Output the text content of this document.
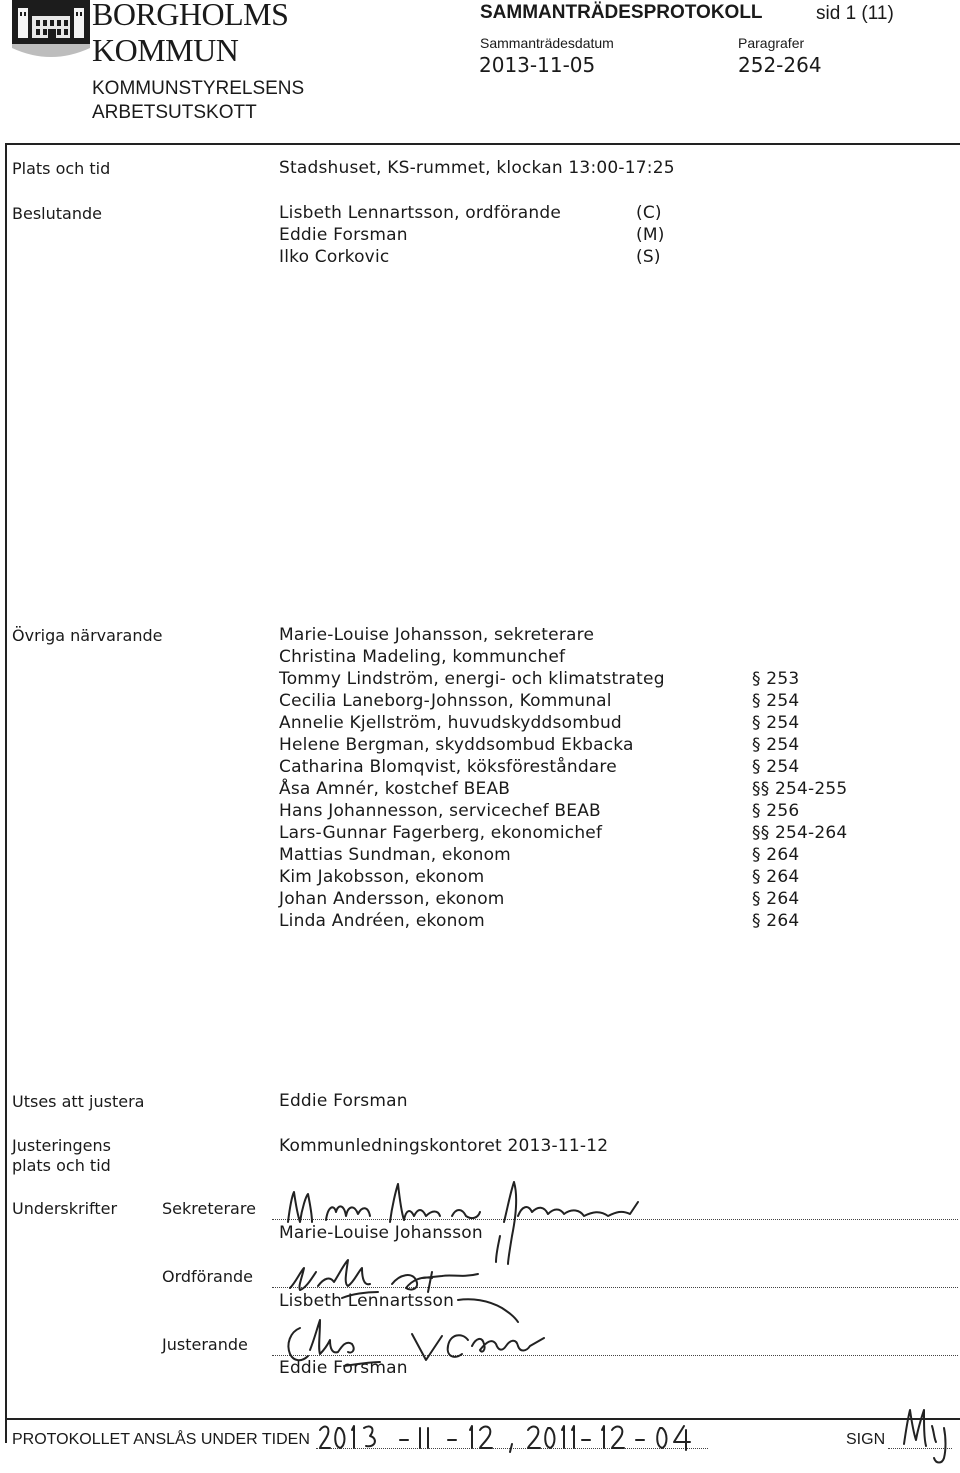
BORGHOLMS
KOMMUN
KOMMUNSTYRELSENS
ARBETSUTSKOTT
SAMMANTRÄDESPROTOKOLL	sid 1 (11)
Sammanträdesdatum
2013-11-05
Paragrafer
252-264
Plats och tid	Stadshuset, KS-rummet, klockan 13:00-17:25
Beslutande	Lisbeth Lennartsson, ordförande	(C)
Eddie Forsman	(M)
Ilko Corkovic	(S)
Övriga närvarande	Marie-Louise Johansson, sekreterare
Christina Madeling, kommunchef
Tommy Lindström, energi- och klimatstrateg	§ 253
Cecilia Laneborg-Johnsson, Kommunal	§ 254
Annelie Kjellström, huvudskyddsombud	§ 254
Helene Bergman, skyddsombud Ekbacka	§ 254
Catharina Blomqvist, köksföreståndare	§ 254
Åsa Amnér, kostchef BEAB	§§ 254-255
Hans Johannesson, servicechef BEAB	§ 256
Lars-Gunnar Fagerberg, ekonomichef	§§ 254-264
Mattias Sundman, ekonom	§ 264
Kim Jakobsson, ekonom	§ 264
Johan Andersson, ekonom	§ 264
Linda Andréen, ekonom	§ 264
Utses att justera	Eddie Forsman
Justeringens
plats och tid
Kommunledningskontoret 2013-11-12
Underskrifter	Sekreterare
Marie-Louise Johansson
Ordförande
Lisbeth Lennartsson
Justerande
Eddie Forsman
PROTOKOLLET ANSLÅS UNDER TIDEN	SIGN
